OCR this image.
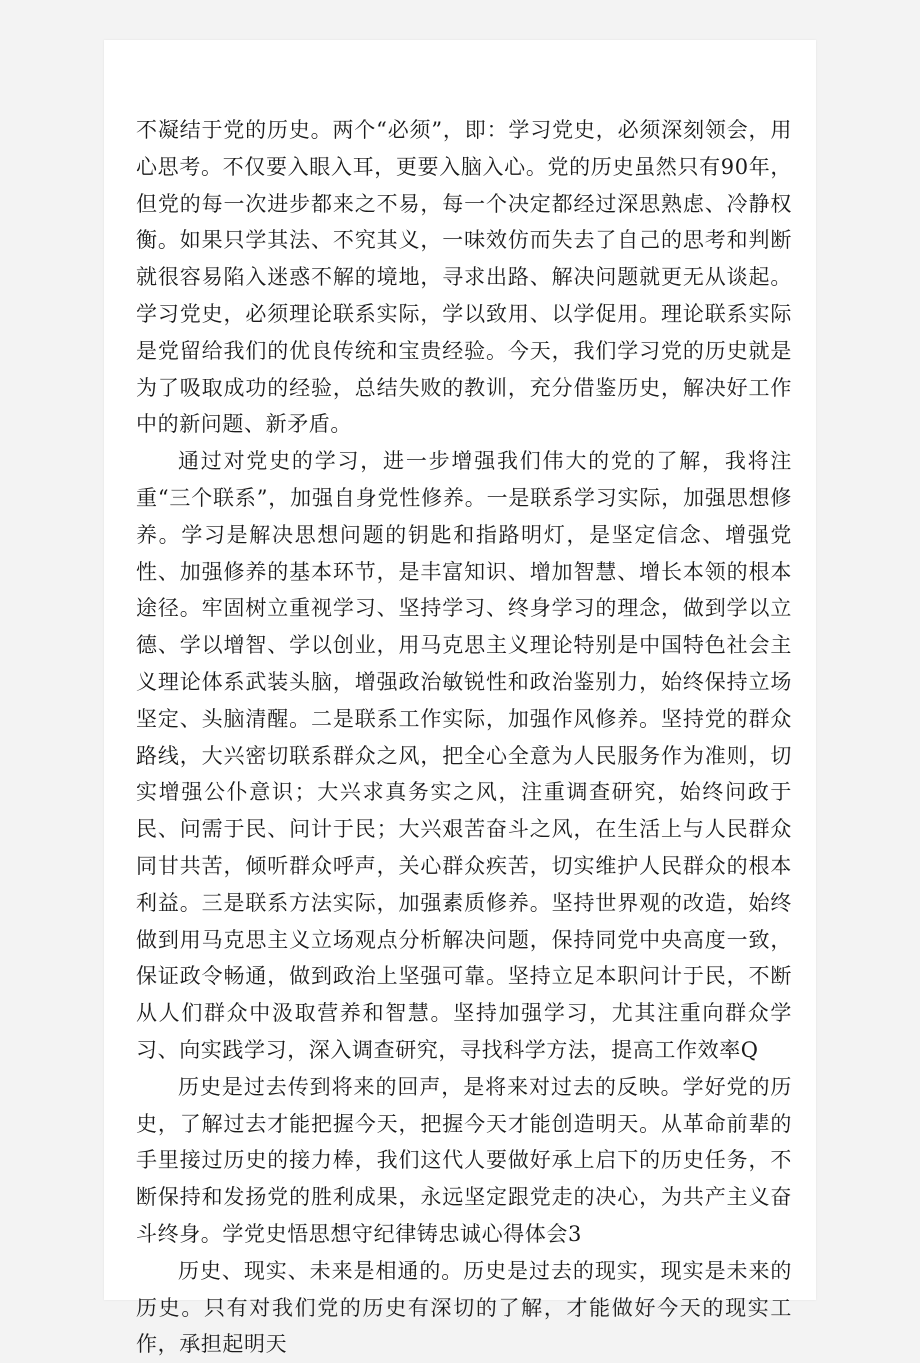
不凝结于党的历史。两个“必须”，即：学习党史，必须深刻领会，用心思考。不仅要入眼入耳，更要入脑入心。党的历史虽然只有90年，但党的每一次进步都来之不易，每一个决定都经过深思熟虑、冷静权衡。如果只学其法、不究其义，一味效仿而失去了自己的思考和判断就很容易陷入迷惑不解的境地，寻求出路、解决问题就更无从谈起。学习党史，必须理论联系实际，学以致用、以学促用。理论联系实际是党留给我们的优良传统和宝贵经验。今天，我们学习党的历史就是为了吸取成功的经验，总结失败的教训，充分借鉴历史，解决好工作中的新问题、新矛盾。

通过对党史的学习，进一步增强我们伟大的党的了解，我将注重“三个联系”，加强自身党性修养。一是联系学习实际，加强思想修养。学习是解决思想问题的钥匙和指路明灯，是坚定信念、增强党性、加强修养的基本环节，是丰富知识、增加智慧、增长本领的根本途径。牢固树立重视学习、坚持学习、终身学习的理念，做到学以立德、学以增智、学以创业，用马克思主义理论特别是中国特色社会主义理论体系武装头脑，增强政治敏锐性和政治鉴别力，始终保持立场坚定、头脑清醒。二是联系工作实际，加强作风修养。坚持党的群众路线，大兴密切联系群众之风，把全心全意为人民服务作为准则，切实增强公仆意识；大兴求真务实之风，注重调查研究，始终问政于民、问需于民、问计于民；大兴艰苦奋斗之风，在生活上与人民群众同甘共苦，倾听群众呼声，关心群众疾苦，切实维护人民群众的根本利益。三是联系方法实际，加强素质修养。坚持世界观的改造，始终做到用马克思主义立场观点分析解决问题，保持同党中央高度一致，保证政令畅通，做到政治上坚强可靠。坚持立足本职问计于民，不断从人们群众中汲取营养和智慧。坚持加强学习，尤其注重向群众学习、向实践学习，深入调查研究，寻找科学方法，提高工作效率Q

历史是过去传到将来的回声，是将来对过去的反映。学好党的历史，了解过去才能把握今天，把握今天才能创造明天。从革命前辈的手里接过历史的接力棒，我们这代人要做好承上启下的历史任务，不断保持和发扬党的胜利成果，永远坚定跟党走的决心，为共产主义奋斗终身。学党史悟思想守纪律铸忠诚心得体会3

历史、现实、未来是相通的。历史是过去的现实，现实是未来的历史。只有对我们党的历史有深切的了解，才能做好今天的现实工作，承担起明天
